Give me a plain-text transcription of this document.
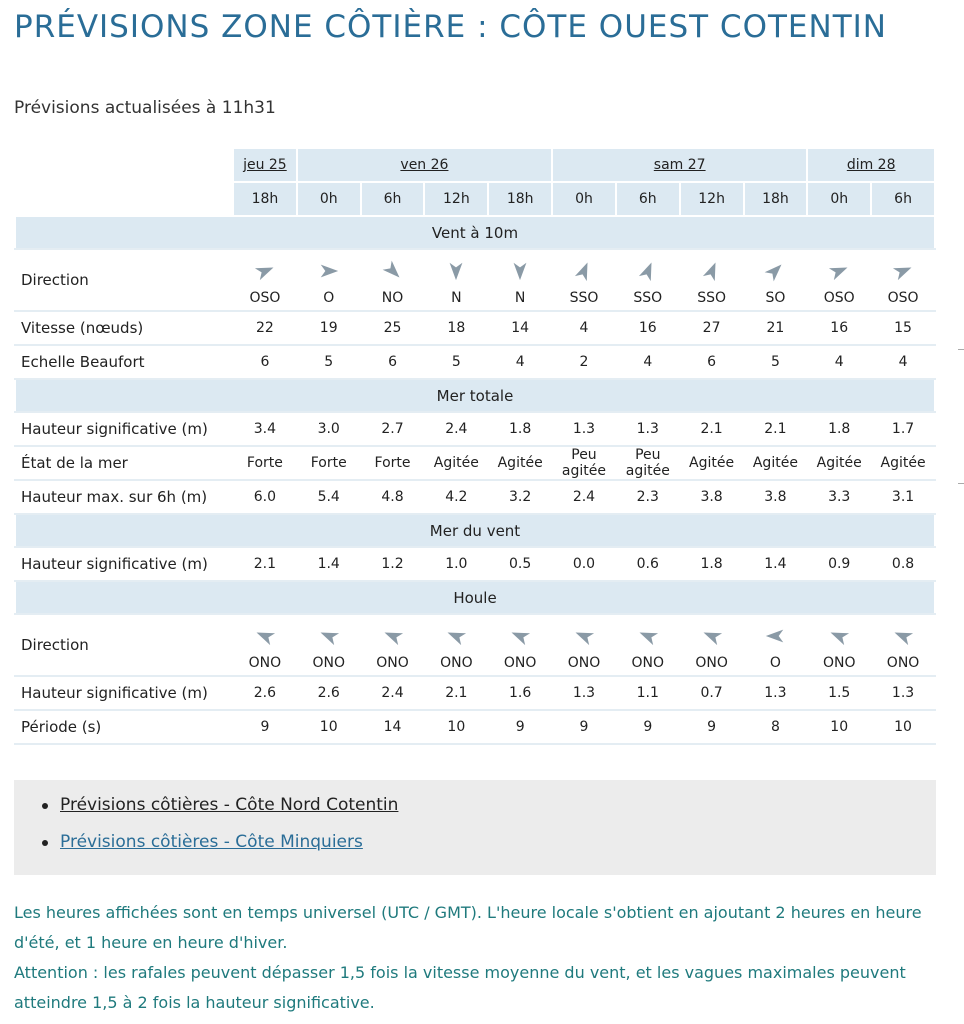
PRÉVISIONS ZONE CÔTIÈRE : CÔTE OUEST COTENTIN
Prévisions actualisées à 11h31
	jeu 25	ven 26				sam 27				dim 28	
	18h	0h	6h	12h	18h	0h	6h	12h	18h	0h	6h
Vent à 10m											
Direction	OSO	O	NO	N	N	SSO	SSO	SSO	SO	OSO	OSO

Vitesse (nœuds)	22	19	25	18	14	4	16	27	21	16	15
Echelle Beaufort	6	5	6	5	4	2	4	6	5	4	4
Mer totale											
Hauteur significative (m)	3.4	3.0	2.7	2.4	1.8	1.3	1.3	2.1	2.1	1.8	1.7
État de la mer	Forte	Forte	Forte	Agitée	Agitée	Peu agitée	Peu agitée	Agitée	Agitée	Agitée	Agitée
Hauteur max. sur 6h (m)	6.0	5.4	4.8	4.2	3.2	2.4	2.3	3.8	3.8	3.3	3.1
Mer du vent											
Hauteur significative (m)	2.1	1.4	1.2	1.0	0.5	0.0	0.6	1.8	1.4	0.9	0.8
Houle											
Direction	ONO	ONO	ONO	ONO	ONO	ONO	ONO	ONO	O	ONO	ONO

Hauteur significative (m)	2.6	2.6	2.4	2.1	1.6	1.3	1.1	0.7	1.3	1.5	1.3
Période (s)	9	10	14	10	9	9	9	9	8	10	10
Prévisions côtières - Côte Nord Cotentin
Prévisions côtières - Côte Minquiers

Les heures affichées sont en temps universel (UTC / GMT). L'heure locale s'obtient en ajoutant 2 heures en heure d'été, et 1 heure en heure d'hiver.

Attention : les rafales peuvent dépasser 1,5 fois la vitesse moyenne du vent, et les vagues maximales peuvent atteindre 1,5 à 2 fois la hauteur significative.
